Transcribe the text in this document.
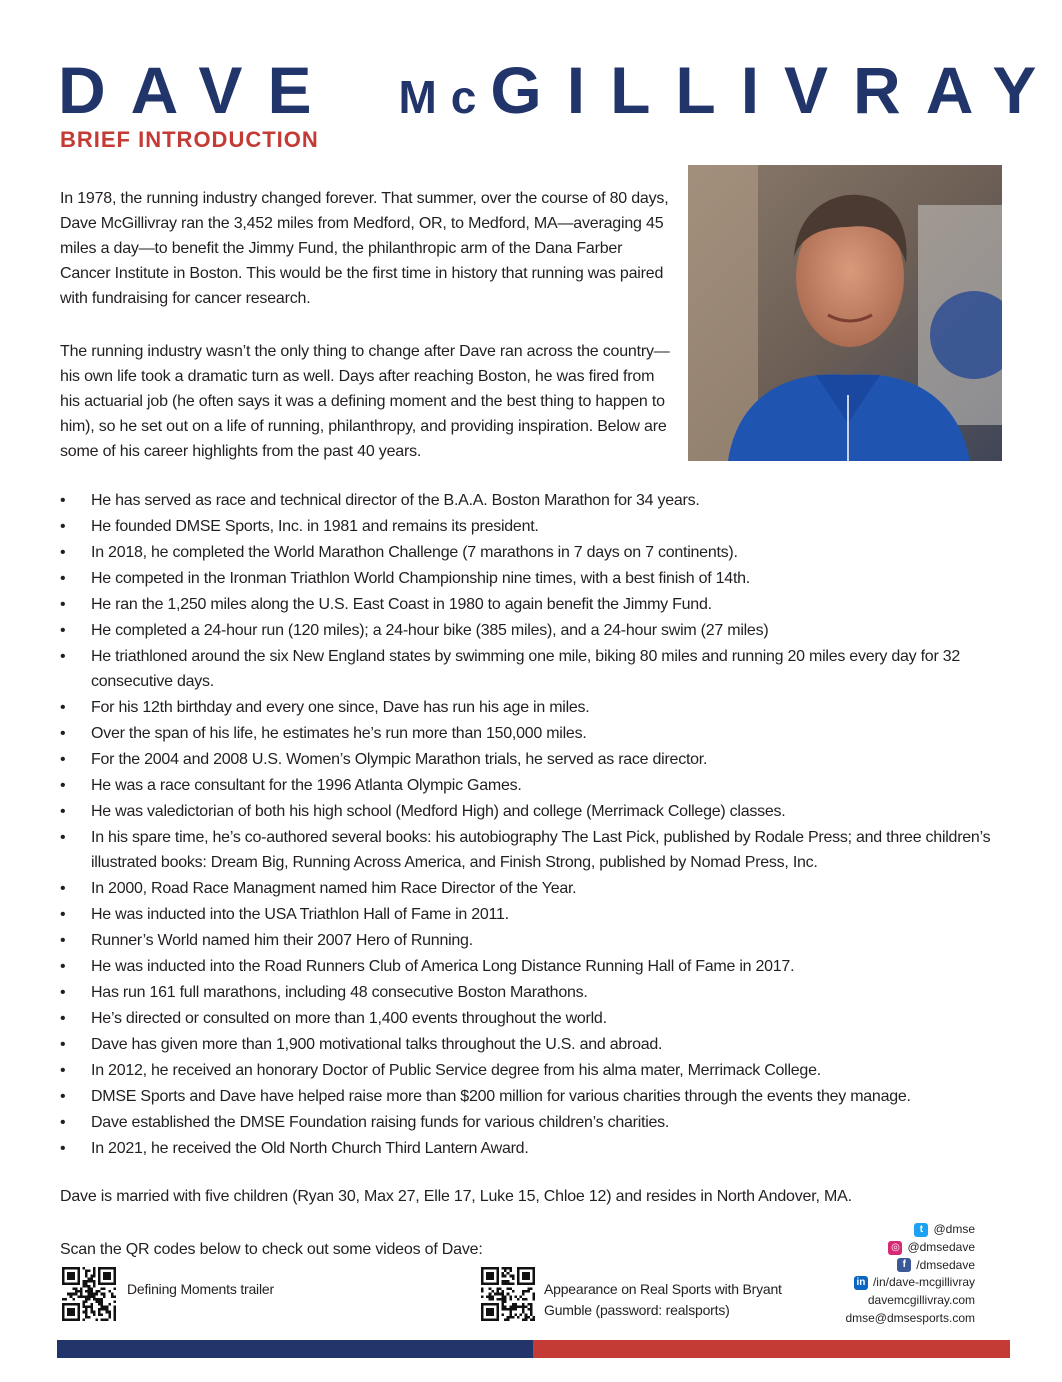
DAVE McGILLIVRAY
BRIEF INTRODUCTION

In 1978, the running industry changed forever. That summer, over the course of 80 days, Dave McGillivray ran the 3,452 miles from Medford, OR, to Medford, MA—averaging 45 miles a day—to benefit the Jimmy Fund, the philanthropic arm of the Dana Farber Cancer Institute in Boston. This would be the first time in history that running was paired with fundraising for cancer research.

The running industry wasn’t the only thing to change after Dave ran across the country—his own life took a dramatic turn as well. Days after reaching Boston, he was fired from his actuarial job (he often says it was a defining moment and the best thing to happen to him), so he set out on a life of running, philanthropy, and providing inspiration. Below are some of his career highlights from the past 40 years.

• He has served as race and technical director of the B.A.A. Boston Marathon for 34 years.
• He founded DMSE Sports, Inc. in 1981 and remains its president.
• In 2018, he completed the World Marathon Challenge (7 marathons in 7 days on 7 continents).
• He competed in the Ironman Triathlon World Championship nine times, with a best finish of 14th.
• He ran the 1,250 miles along the U.S. East Coast in 1980 to again benefit the Jimmy Fund.
• He completed a 24-hour run (120 miles); a 24-hour bike (385 miles), and a 24-hour swim (27 miles)
• He triathloned around the six New England states by swimming one mile, biking 80 miles and running 20 miles every day for 32 consecutive days.
• For his 12th birthday and every one since, Dave has run his age in miles.
• Over the span of his life, he estimates he’s run more than 150,000 miles.
• For the 2004 and 2008 U.S. Women’s Olympic Marathon trials, he served as race director.
• He was a race consultant for the 1996 Atlanta Olympic Games.
• He was valedictorian of both his high school (Medford High) and college (Merrimack College) classes.
• In his spare time, he’s co-authored several books: his autobiography The Last Pick, published by Rodale Press; and three children’s illustrated books: Dream Big, Running Across America, and Finish Strong, published by Nomad Press, Inc.
• In 2000, Road Race Managment named him Race Director of the Year.
• He was inducted into the USA Triathlon Hall of Fame in 2011.
• Runner’s World named him their 2007 Hero of Running.
• He was inducted into the Road Runners Club of America Long Distance Running Hall of Fame in 2017.
• Has run 161 full marathons, including 48 consecutive Boston Marathons.
• He’s directed or consulted on more than 1,400 events throughout the world.
• Dave has given more than 1,900 motivational talks throughout the U.S. and abroad.
• In 2012, he received an honorary Doctor of Public Service degree from his alma mater, Merrimack College.
• DMSE Sports and Dave have helped raise more than $200 million for various charities through the events they manage.
• Dave established the DMSE Foundation raising funds for various children’s charities.
• In 2021, he received the Old North Church Third Lantern Award.

Dave is married with five children (Ryan 30, Max 27, Elle 17, Luke 15, Chloe 12) and resides in North Andover, MA.

Scan the QR codes below to check out some videos of Dave:

Defining Moments trailer	Appearance on Real Sports with Bryant Gumble (password: realsports)
t @dmse
◎ @dmsedave
f /dmsedave
in /in/dave-mcgillivray
davemcgillivray.com
dmse@dmsesports.com
